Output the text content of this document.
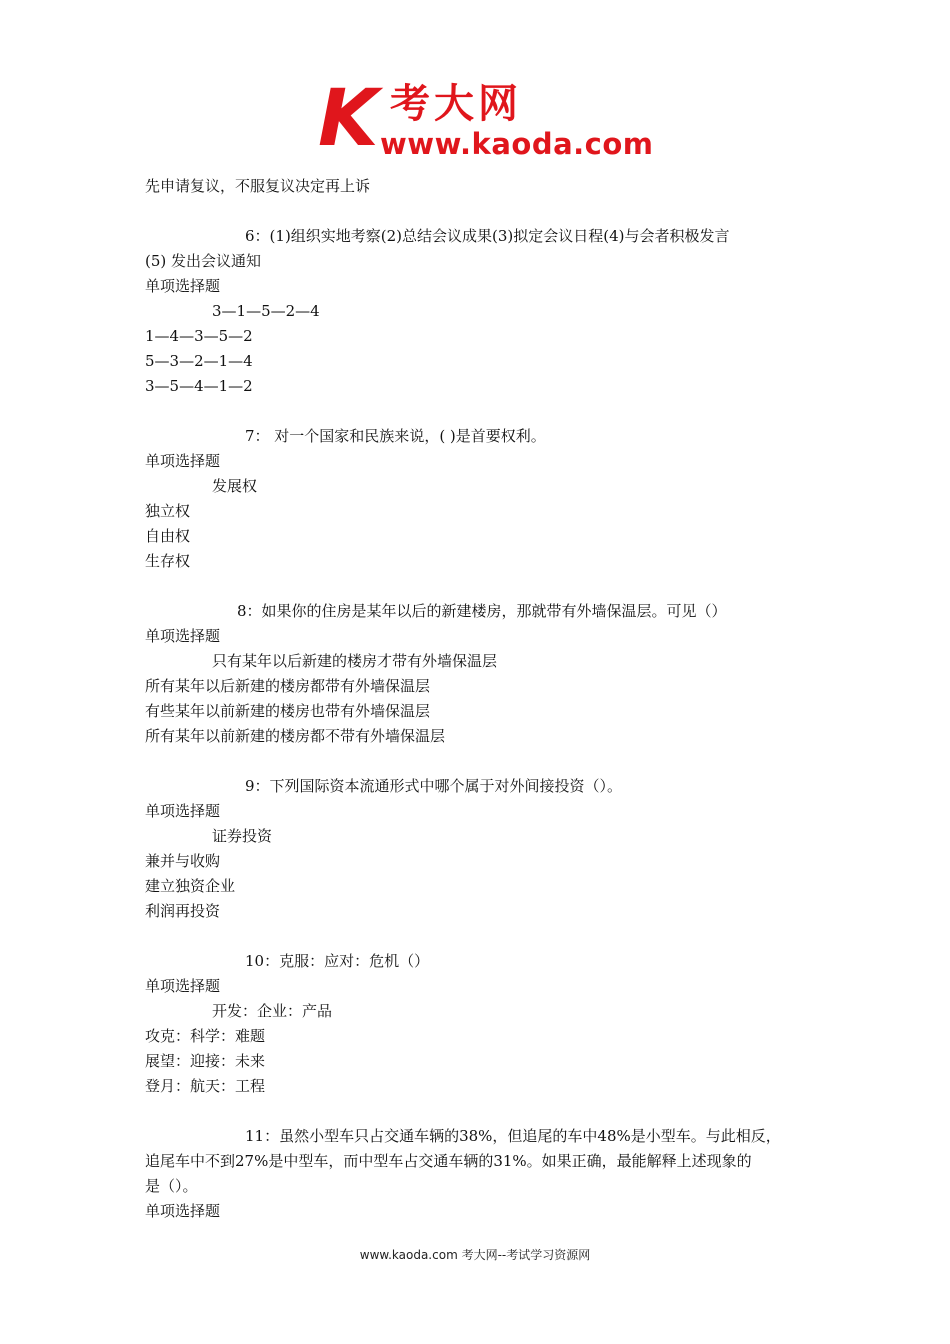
K 考大网
www.kaoda.com
先申请复议，不服复议决定再上诉
6：(1)组织实地考察(2)总结会议成果(3)拟定会议日程(4)与会者积极发言
(5) 发出会议通知
单项选择题
3—1—5—2—4
1—4—3—5—2
5—3—2—1—4
3—5—4—1—2
7： 对一个国家和民族来说，( )是首要权利。
单项选择题
发展权
独立权
自由权
生存权
8：如果你的住房是某年以后的新建楼房，那就带有外墙保温层。可见（）
单项选择题
只有某年以后新建的楼房才带有外墙保温层
所有某年以后新建的楼房都带有外墙保温层
有些某年以前新建的楼房也带有外墙保温层
所有某年以前新建的楼房都不带有外墙保温层
9：下列国际资本流通形式中哪个属于对外间接投资（）。
单项选择题
证券投资
兼并与收购
建立独资企业
利润再投资
10：克服：应对：危机（）
单项选择题
开发：企业：产品
攻克：科学：难题
展望：迎接：未来
登月：航天：工程
11：虽然小型车只占交通车辆的38%，但追尾的车中48%是小型车。与此相反，
追尾车中不到27%是中型车，而中型车占交通车辆的31%。如果正确，最能解释上述现象的
是（）。
单项选择题
www.kaoda.com 考大网--考试学习资源网
